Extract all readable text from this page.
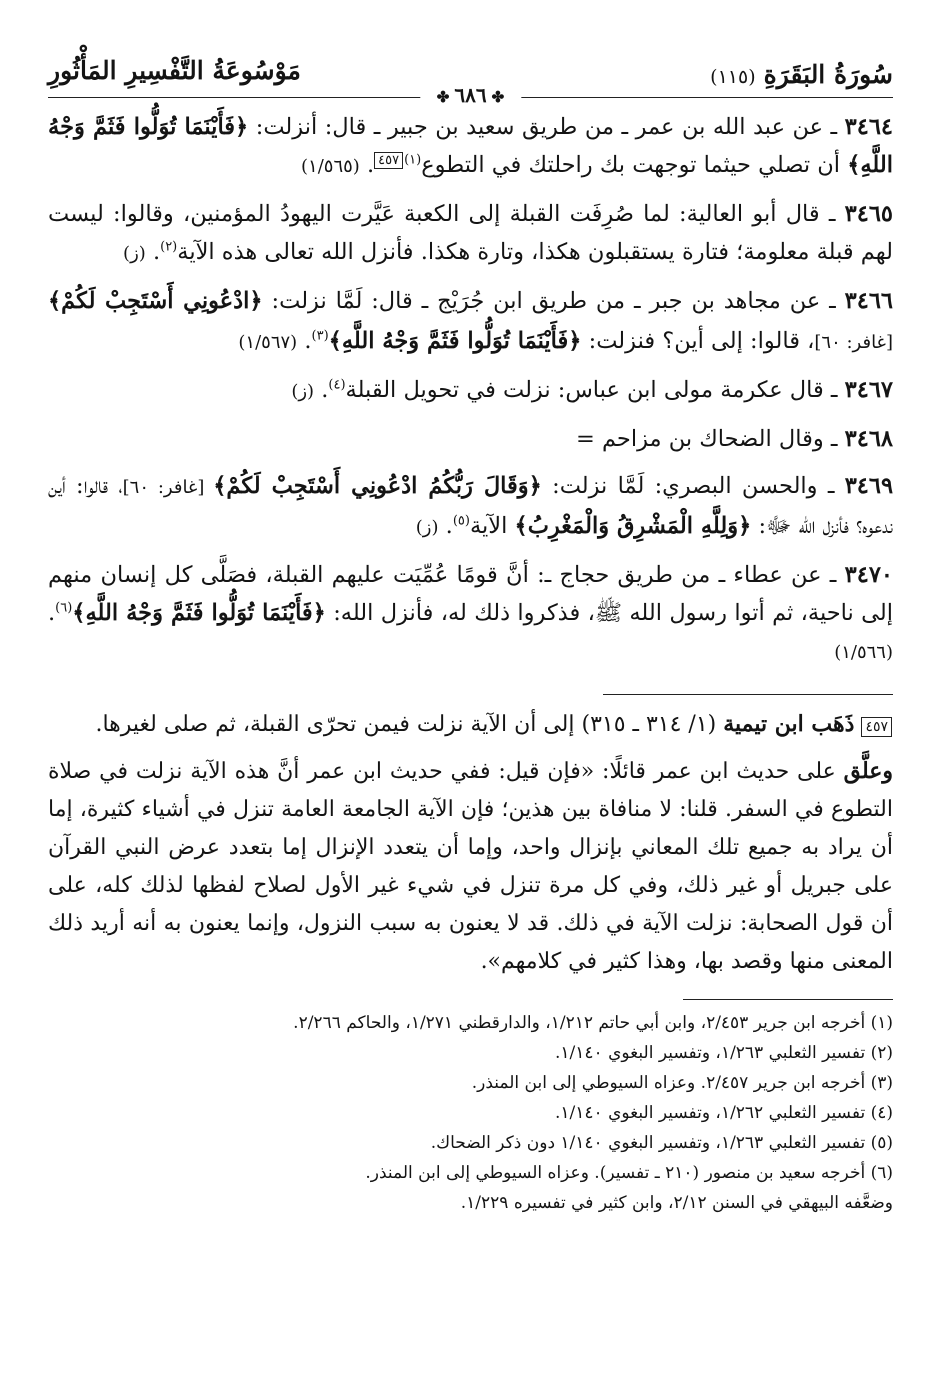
سُورَةُ البَقَرَةِ(١١٥)
مَوْسُوعَةُ التَّفْسِيرِ المَأْثُورِ
✤٦٨٦✤
٣٤٦٤ ـ عن عبد الله بن عمر ـ من طريق سعيد بن جبير ـ قال: أنزلت: ﴿فَأَيْنَمَا تُوَلُّوا فَثَمَّ وَجْهُ اللَّهِ﴾ أن تصلي حيثما توجهت بك راحلتك في التطوع$^{(١)}$٤٥٧. (١/٥٦٥)
٣٤٦٥ ـ قال أبو العالية: لما صُرِفَت القبلة إلى الكعبة عَيَّرت اليهودُ المؤمنين، وقالوا: ليست لهم قبلة معلومة؛ فتارة يستقبلون هكذا، وتارة هكذا. فأنزل الله تعالى هذه الآية$^{(٢)}$. (ز)
٣٤٦٦ ـ عن مجاهد بن جبر ـ من طريق ابن جُرَيْج ـ قال: لَمَّا نزلت: ﴿ادْعُونِي أَسْتَجِبْ لَكُمْ﴾ [غافر: ٦٠]، قالوا: إلى أين؟ فنزلت: ﴿فَأَيْنَمَا تُوَلُّوا فَثَمَّ وَجْهُ اللَّهِ﴾$^{(٣)}$. (١/٥٦٧)
٣٤٦٧ ـ قال عكرمة مولى ابن عباس: نزلت في تحويل القبلة$^{(٤)}$. (ز)
٣٤٦٨ ـ وقال الضحاك بن مزاحم =
٣٤٦٩ ـ والحسن البصري: لَمَّا نزلت: ﴿وَقَالَ رَبُّكُمُ ادْعُونِي أَسْتَجِبْ لَكُمْ﴾ [غافر: ٦٠]، قالوا: أين ندعوه؟ فأنزل الله ﷻ: ﴿وَلِلَّهِ الْمَشْرِقُ وَالْمَغْرِبُ﴾ الآية$^{(٥)}$. (ز)
٣٤٧٠ ـ عن عطاء ـ من طريق حجاج ـ: أنَّ قومًا عُمِّيَت عليهم القبلة، فصَلَّى كل إنسان منهم إلى ناحية، ثم أتوا رسول الله ﷺ، فذكروا ذلك له، فأنزل الله: ﴿فَأَيْنَمَا تُوَلُّوا فَثَمَّ وَجْهُ اللَّهِ﴾$^{(٦)}$. (١/٥٦٦)
٤٥٧ ذَهَب ابن تيمية (١/ ٣١٤ ـ ٣١٥) إلى أن الآية نزلت فيمن تحرّى القبلة، ثم صلى لغيرها.
وعلَّق على حديث ابن عمر قائلًا: «فإن قيل: ففي حديث ابن عمر أنَّ هذه الآية نزلت في صلاة التطوع في السفر. قلنا: لا منافاة بين هذين؛ فإن الآية الجامعة العامة تنزل في أشياء كثيرة، إما أن يراد به جميع تلك المعاني بإنزال واحد، وإما أن يتعدد الإنزال إما بتعدد عرض النبي القرآن على جبريل أو غير ذلك، وفي كل مرة تنزل في شيء غير الأول لصلاح لفظها لذلك كله، على أن قول الصحابة: نزلت الآية في ذلك. قد لا يعنون به سبب النزول، وإنما يعنون به أنه أريد ذلك المعنى منها وقصد بها، وهذا كثير في كلامهم».
(١) أخرجه ابن جرير ٢/٤٥٣، وابن أبي حاتم ١/٢١٢، والدارقطني ١/٢٧١، والحاكم ٢/٢٦٦.
(٢) تفسير الثعلبي ١/٢٦٣، وتفسير البغوي ١/١٤٠.
(٣) أخرجه ابن جرير ٢/٤٥٧. وعزاه السيوطي إلى ابن المنذر.
(٤) تفسير الثعلبي ١/٢٦٢، وتفسير البغوي ١/١٤٠.
(٥) تفسير الثعلبي ١/٢٦٣، وتفسير البغوي ١/١٤٠ دون ذكر الضحاك.
(٦) أخرجه سعيد بن منصور (٢١٠ ـ تفسير). وعزاه السيوطي إلى ابن المنذر.
وضعَّفه البيهقي في السنن ٢/١٢، وابن كثير في تفسيره ١/٢٢٩.
